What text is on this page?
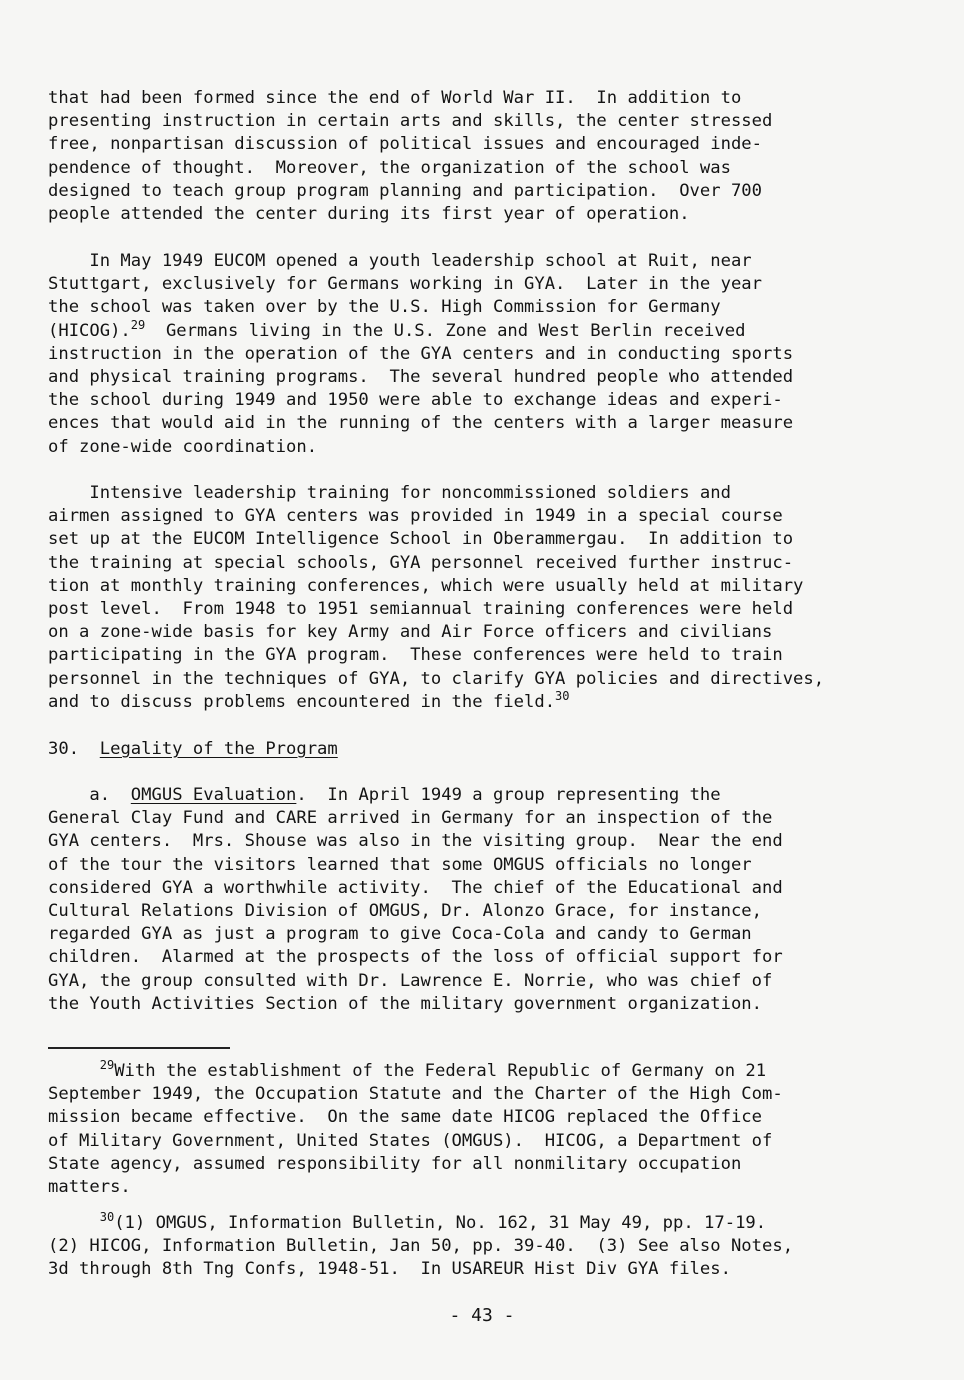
that had been formed since the end of World War II.  In addition to
presenting instruction in certain arts and skills, the center stressed
free, nonpartisan discussion of political issues and encouraged inde-
pendence of thought.  Moreover, the organization of the school was
designed to teach group program planning and participation.  Over 700
people attended the center during its first year of operation.
In May 1949 EUCOM opened a youth leadership school at Ruit, near
Stuttgart, exclusively for Germans working in GYA.  Later in the year
the school was taken over by the U.S. High Commission for Germany
(HICOG).$^{29}$  Germans living in the U.S. Zone and West Berlin received
instruction in the operation of the GYA centers and in conducting sports
and physical training programs.  The several hundred people who attended
the school during 1949 and 1950 were able to exchange ideas and experi-
ences that would aid in the running of the centers with a larger measure
of zone-wide coordination.
Intensive leadership training for noncommissioned soldiers and
airmen assigned to GYA centers was provided in 1949 in a special course
set up at the EUCOM Intelligence School in Oberammergau.  In addition to
the training at special schools, GYA personnel received further instruc-
tion at monthly training conferences, which were usually held at military
post level.  From 1948 to 1951 semiannual training conferences were held
on a zone-wide basis for key Army and Air Force officers and civilians
participating in the GYA program.  These conferences were held to train
personnel in the techniques of GYA, to clarify GYA policies and directives,
and to discuss problems encountered in the field.$^{30}$
30.  Legality of the Program
a.  OMGUS Evaluation.  In April 1949 a group representing the
General Clay Fund and CARE arrived in Germany for an inspection of the
GYA centers.  Mrs. Shouse was also in the visiting group.  Near the end
of the tour the visitors learned that some OMGUS officials no longer
considered GYA a worthwhile activity.  The chief of the Educational and
Cultural Relations Division of OMGUS, Dr. Alonzo Grace, for instance,
regarded GYA as just a program to give Coca-Cola and candy to German
children.  Alarmed at the prospects of the loss of official support for
GYA, the group consulted with Dr. Lawrence E. Norrie, who was chief of
the Youth Activities Section of the military government organization.
$^{29}$With the establishment of the Federal Republic of Germany on 21
September 1949, the Occupation Statute and the Charter of the High Com-
mission became effective.  On the same date HICOG replaced the Office
of Military Government, United States (OMGUS).  HICOG, a Department of
State agency, assumed responsibility for all nonmilitary occupation
matters.
$^{30}$(1) OMGUS, Information Bulletin, No. 162, 31 May 49, pp. 17-19.
(2) HICOG, Information Bulletin, Jan 50, pp. 39-40.  (3) See also Notes,
3d through 8th Tng Confs, 1948-51.  In USAREUR Hist Div GYA files.
- 43 -
